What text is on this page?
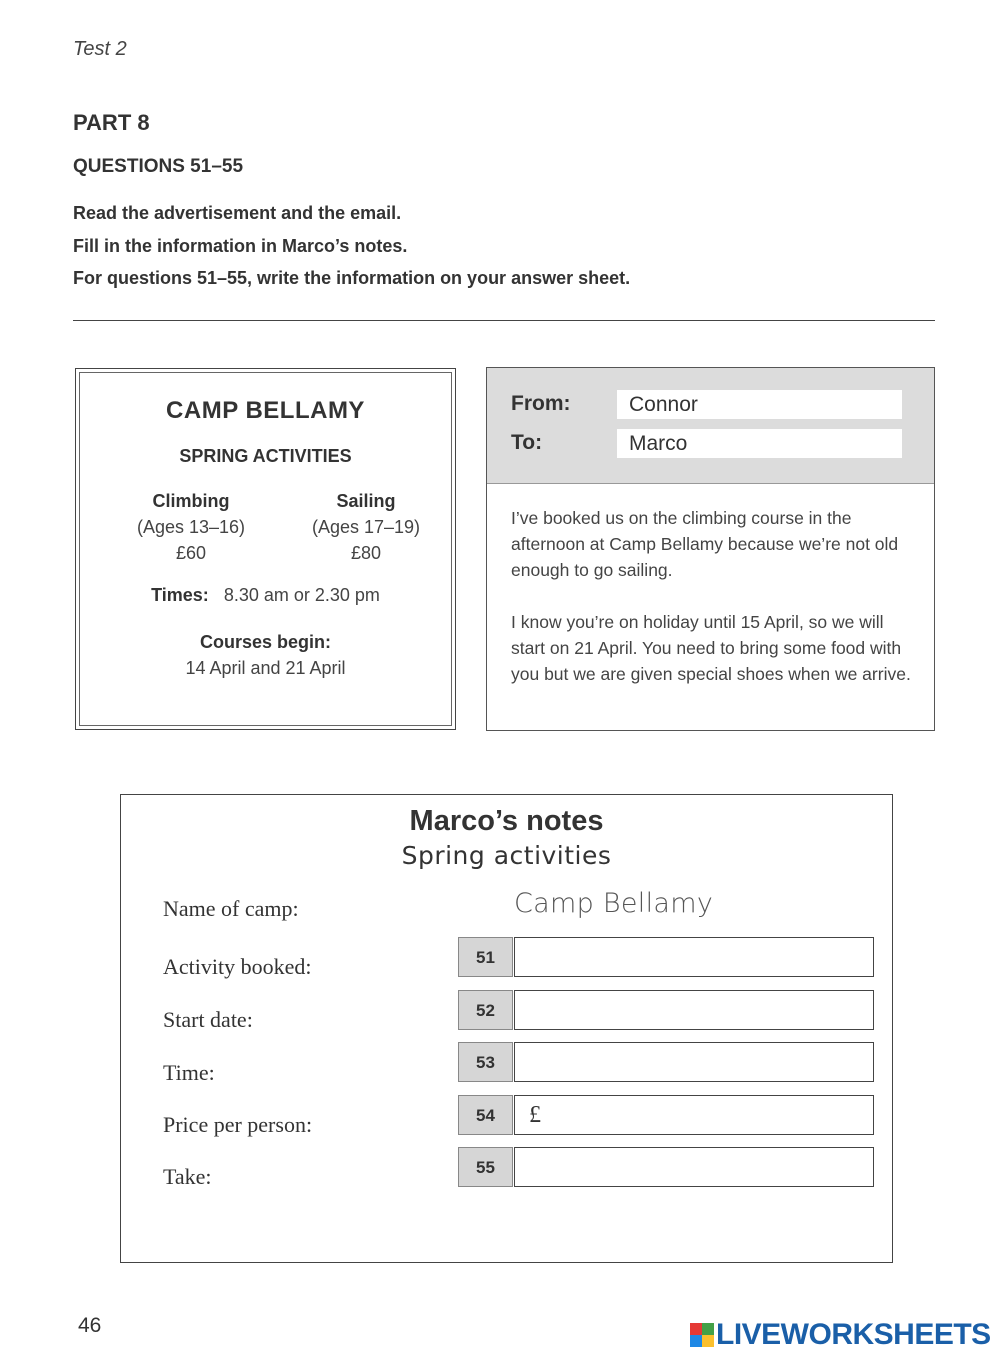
Test 2
PART 8
QUESTIONS 51–55
Read the advertisement and the email.
Fill in the information in Marco’s notes.
For questions 51–55, write the information on your answer sheet.
CAMP BELLAMY
SPRING ACTIVITIES
Climbing
(Ages 13–16)
£60
Sailing
(Ages 17–19)
£80
Times: 8.30 am or 2.30 pm
Courses begin:
14 April and 21 April
From:	Connor
To:	Marco
I’ve booked us on the climbing course in the afternoon at Camp Bellamy because we’re not old enough to go sailing.
I know you’re on holiday until 15 April, so we will start on 21 April. You need to bring some food with you but we are given special shoes when we arrive.
Marco’s notes
Spring activities
Name of camp:	Camp Bellamy
Activity booked:	51
Start date:	52
Time:	53
Price per person:	54	£
Take:	55
46	LIVEWORKSHEETS
